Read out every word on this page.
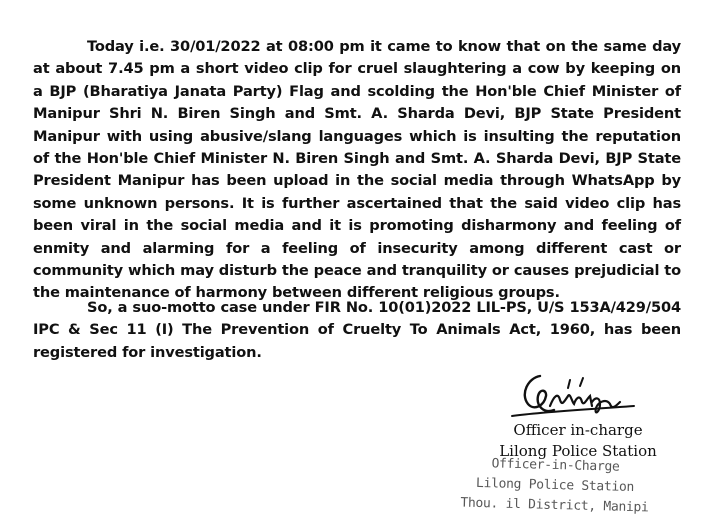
Today i.e. 30/01/2022 at 08:00 pm it came to know that on the same day at about 7.45 pm a short video clip for cruel slaughtering a cow by keeping on a BJP (Bharatiya Janata Party) Flag and scolding the Hon'ble Chief Minister of Manipur Shri N. Biren Singh and Smt. A. Sharda Devi, BJP State President Manipur with using abusive/slang languages which is insulting the reputation of the Hon'ble Chief Minister N. Biren Singh and Smt. A. Sharda Devi, BJP State President Manipur has been upload in the social media through WhatsApp by some unknown persons. It is further ascertained that the said video clip has been viral in the social media and it is promoting disharmony and feeling of enmity and alarming for a feeling of insecurity among different cast or community which may disturb the peace and tranquility or causes prejudicial to the maintenance of harmony between different religious groups.

So, a suo-motto case under FIR No. 10(01)2022 LIL-PS, U/S 153A/429/504 IPC & Sec 11 (I) The Prevention of Cruelty To Animals Act, 1960, has been registered for investigation.

Officer in-charge
Lilong Police Station
Officer-in-Charge
Lilong Police Station
Thou. il District, Manipi
